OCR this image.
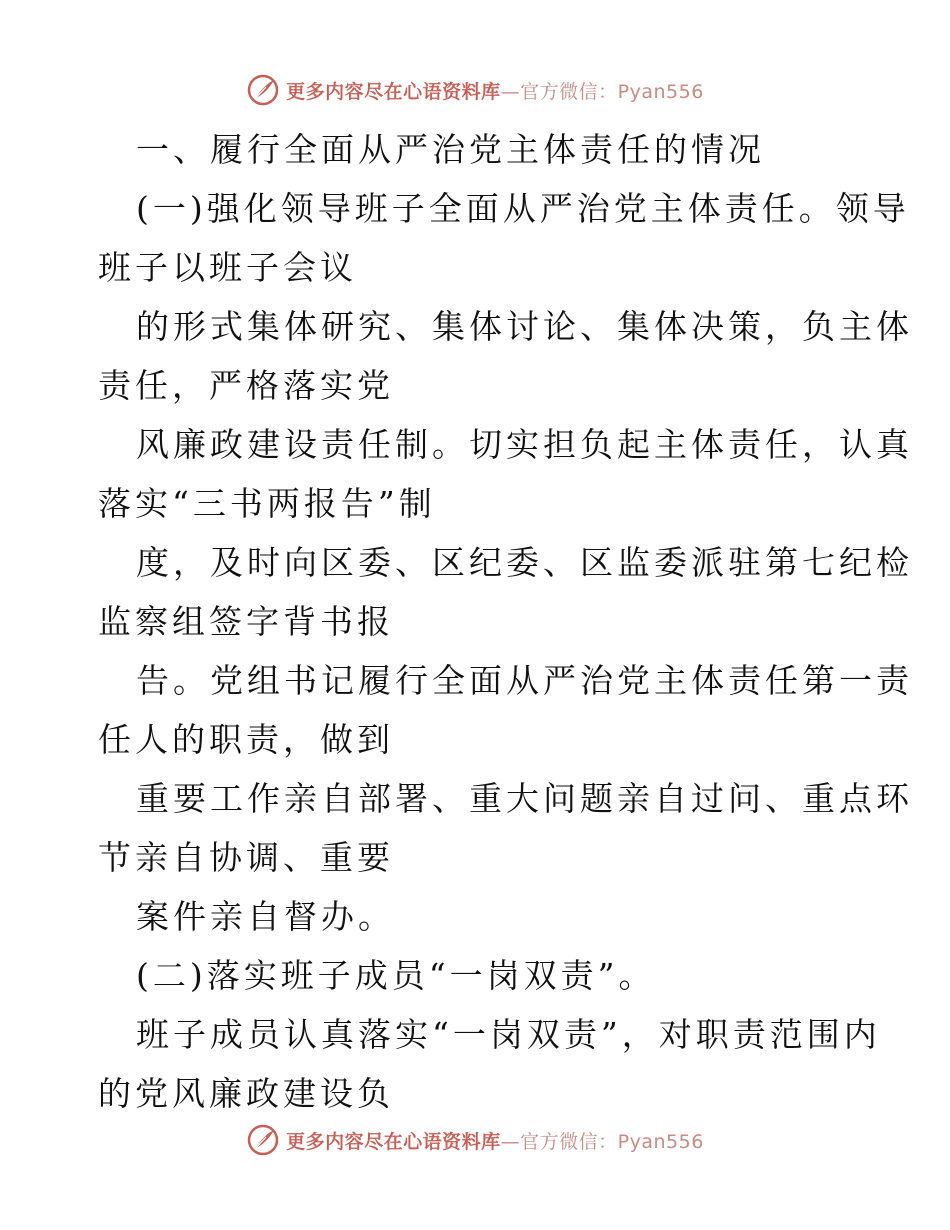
更多内容尽在心语资料库—官方微信：Pyan556
一、履行全面从严治党主体责任的情况
(一)强化领导班子全面从严治党主体责任。领导
班子以班子会议
的形式集体研究、集体讨论、集体决策，负主体
责任，严格落实党
风廉政建设责任制。切实担负起主体责任，认真
落实“三书两报告”制
度，及时向区委、区纪委、区监委派驻第七纪检
监察组签字背书报
告。党组书记履行全面从严治党主体责任第一责
任人的职责，做到
重要工作亲自部署、重大问题亲自过问、重点环
节亲自协调、重要
案件亲自督办。
(二)落实班子成员“一岗双责”。
班子成员认真落实“一岗双责”，对职责范围内
的党风廉政建设负
更多内容尽在心语资料库—官方微信：Pyan556
